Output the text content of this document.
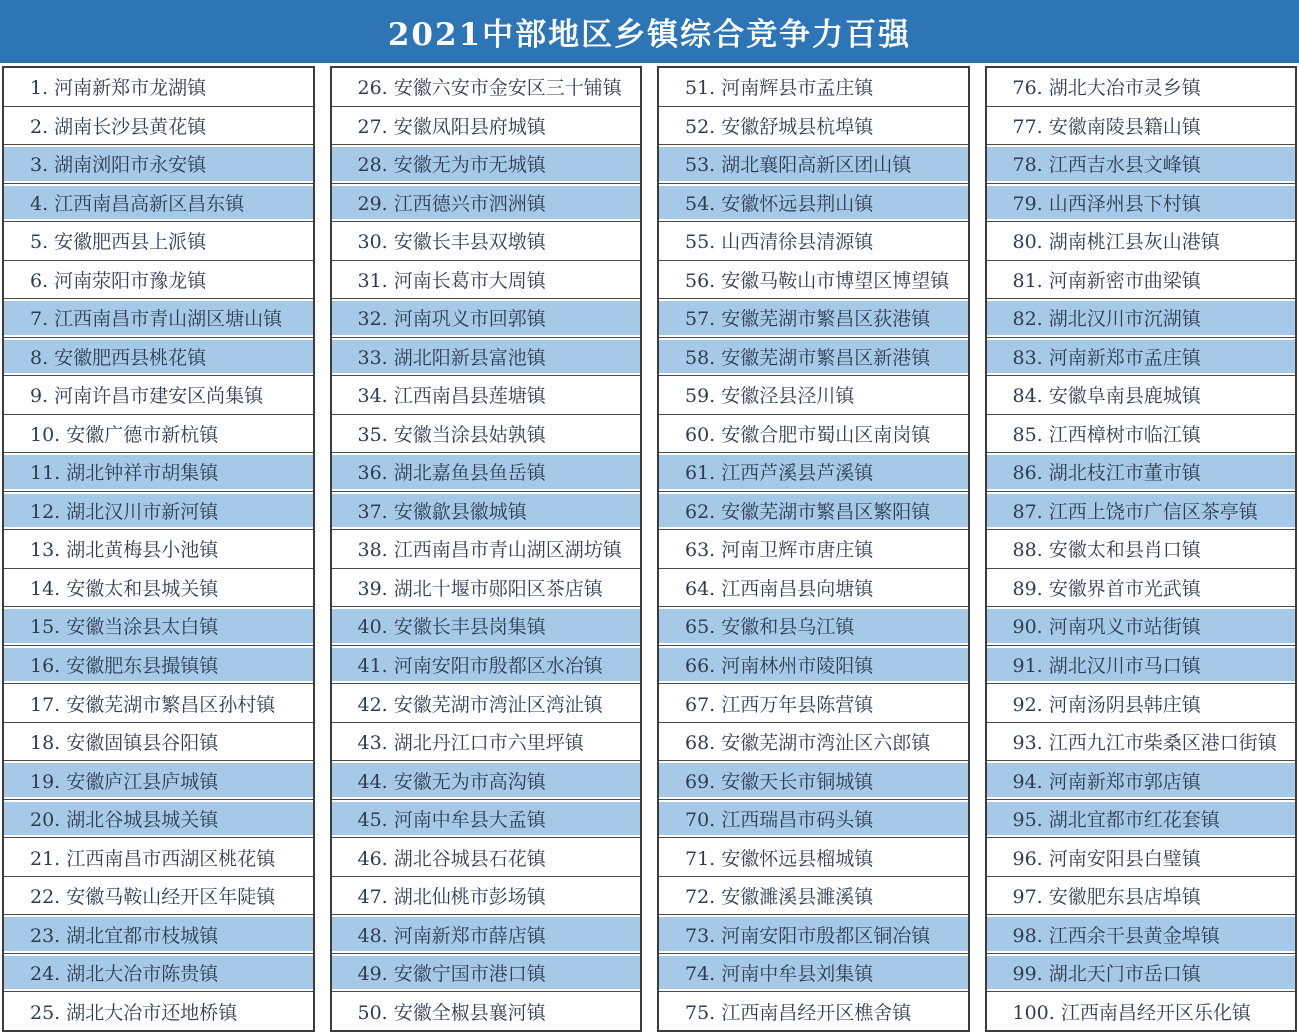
2021中部地区乡镇综合竞争力百强
1. 河南新郑市龙湖镇
2. 湖南长沙县黄花镇
3. 湖南浏阳市永安镇
4. 江西南昌高新区昌东镇
5. 安徽肥西县上派镇
6. 河南荥阳市豫龙镇
7. 江西南昌市青山湖区塘山镇
8. 安徽肥西县桃花镇
9. 河南许昌市建安区尚集镇
10. 安徽广德市新杭镇
11. 湖北钟祥市胡集镇
12. 湖北汉川市新河镇
13. 湖北黄梅县小池镇
14. 安徽太和县城关镇
15. 安徽当涂县太白镇
16. 安徽肥东县撮镇镇
17. 安徽芜湖市繁昌区孙村镇
18. 安徽固镇县谷阳镇
19. 安徽庐江县庐城镇
20. 湖北谷城县城关镇
21. 江西南昌市西湖区桃花镇
22. 安徽马鞍山经开区年陡镇
23. 湖北宜都市枝城镇
24. 湖北大冶市陈贵镇
25. 湖北大冶市还地桥镇
26. 安徽六安市金安区三十铺镇
27. 安徽凤阳县府城镇
28. 安徽无为市无城镇
29. 江西德兴市泗洲镇
30. 安徽长丰县双墩镇
31. 河南长葛市大周镇
32. 河南巩义市回郭镇
33. 湖北阳新县富池镇
34. 江西南昌县莲塘镇
35. 安徽当涂县姑孰镇
36. 湖北嘉鱼县鱼岳镇
37. 安徽歙县徽城镇
38. 江西南昌市青山湖区湖坊镇
39. 湖北十堰市郧阳区茶店镇
40. 安徽长丰县岗集镇
41. 河南安阳市殷都区水冶镇
42. 安徽芜湖市湾沚区湾沚镇
43. 湖北丹江口市六里坪镇
44. 安徽无为市高沟镇
45. 河南中牟县大孟镇
46. 湖北谷城县石花镇
47. 湖北仙桃市彭场镇
48. 河南新郑市薛店镇
49. 安徽宁国市港口镇
50. 安徽全椒县襄河镇
51. 河南辉县市孟庄镇
52. 安徽舒城县杭埠镇
53. 湖北襄阳高新区团山镇
54. 安徽怀远县荆山镇
55. 山西清徐县清源镇
56. 安徽马鞍山市博望区博望镇
57. 安徽芜湖市繁昌区荻港镇
58. 安徽芜湖市繁昌区新港镇
59. 安徽泾县泾川镇
60. 安徽合肥市蜀山区南岗镇
61. 江西芦溪县芦溪镇
62. 安徽芜湖市繁昌区繁阳镇
63. 河南卫辉市唐庄镇
64. 江西南昌县向塘镇
65. 安徽和县乌江镇
66. 河南林州市陵阳镇
67. 江西万年县陈营镇
68. 安徽芜湖市湾沚区六郎镇
69. 安徽天长市铜城镇
70. 江西瑞昌市码头镇
71. 安徽怀远县榴城镇
72. 安徽濉溪县濉溪镇
73. 河南安阳市殷都区铜冶镇
74. 河南中牟县刘集镇
75. 江西南昌经开区樵舍镇
76. 湖北大冶市灵乡镇
77. 安徽南陵县籍山镇
78. 江西吉水县文峰镇
79. 山西泽州县下村镇
80. 湖南桃江县灰山港镇
81. 河南新密市曲梁镇
82. 湖北汉川市沉湖镇
83. 河南新郑市孟庄镇
84. 安徽阜南县鹿城镇
85. 江西樟树市临江镇
86. 湖北枝江市董市镇
87. 江西上饶市广信区茶亭镇
88. 安徽太和县肖口镇
89. 安徽界首市光武镇
90. 河南巩义市站街镇
91. 湖北汉川市马口镇
92. 河南汤阴县韩庄镇
93. 江西九江市柴桑区港口街镇
94. 河南新郑市郭店镇
95. 湖北宜都市红花套镇
96. 河南安阳县白璧镇
97. 安徽肥东县店埠镇
98. 江西余干县黄金埠镇
99. 湖北天门市岳口镇
100. 江西南昌经开区乐化镇
